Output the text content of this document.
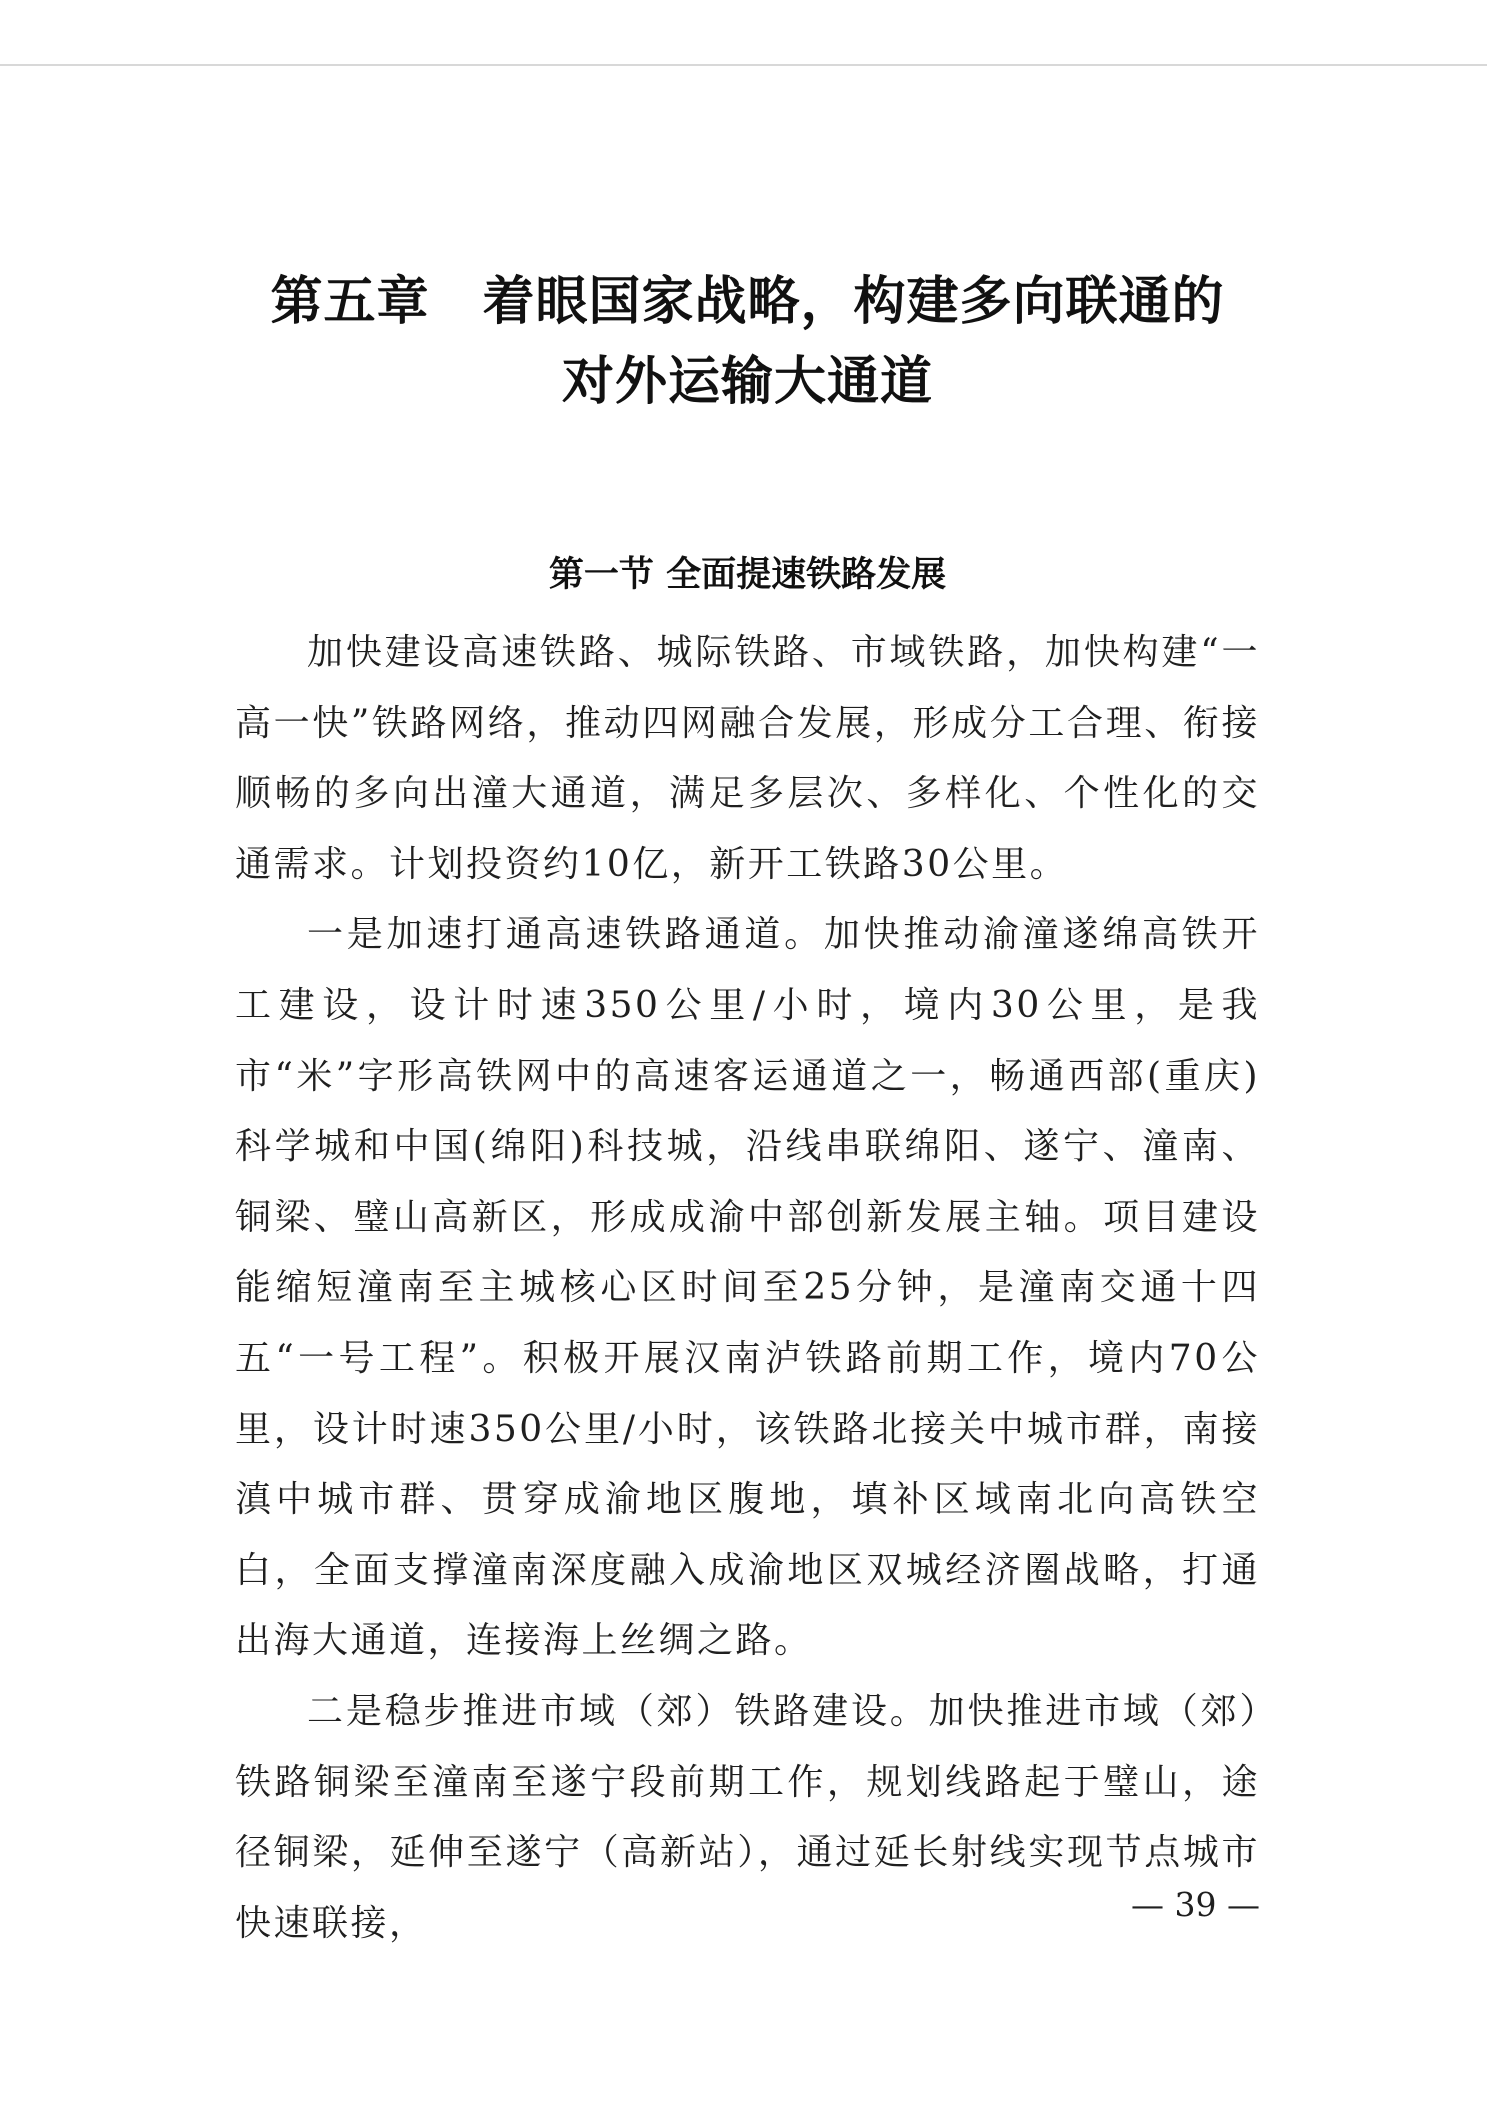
第五章　着眼国家战略，构建多向联通的
对外运输大通道
第一节 全面提速铁路发展

加快建设高速铁路、城际铁路、市域铁路，加快构建“一高一快”铁路网络，推动四网融合发展，形成分工合理、衔接顺畅的多向出潼大通道，满足多层次、多样化、个性化的交通需求。计划投资约10亿，新开工铁路30公里。

一是加速打通高速铁路通道。加快推动渝潼遂绵高铁开工建设，设计时速350公里/小时，境内30公里，是我市“米”字形高铁网中的高速客运通道之一，畅通西部(重庆)科学城和中国(绵阳)科技城，沿线串联绵阳、遂宁、潼南、铜梁、璧山高新区，形成成渝中部创新发展主轴。项目建设能缩短潼南至主城核心区时间至25分钟，是潼南交通十四五“一号工程”。积极开展汉南泸铁路前期工作，境内70公里，设计时速350公里/小时，该铁路北接关中城市群，南接滇中城市群、贯穿成渝地区腹地，填补区域南北向高铁空白，全面支撑潼南深度融入成渝地区双城经济圈战略，打通出海大通道，连接海上丝绸之路。

二是稳步推进市域（郊）铁路建设。加快推进市域（郊）铁路铜梁至潼南至遂宁段前期工作，规划线路起于璧山，途径铜梁，延伸至遂宁（高新站），通过延长射线实现节点城市快速联接，	— 39 —
